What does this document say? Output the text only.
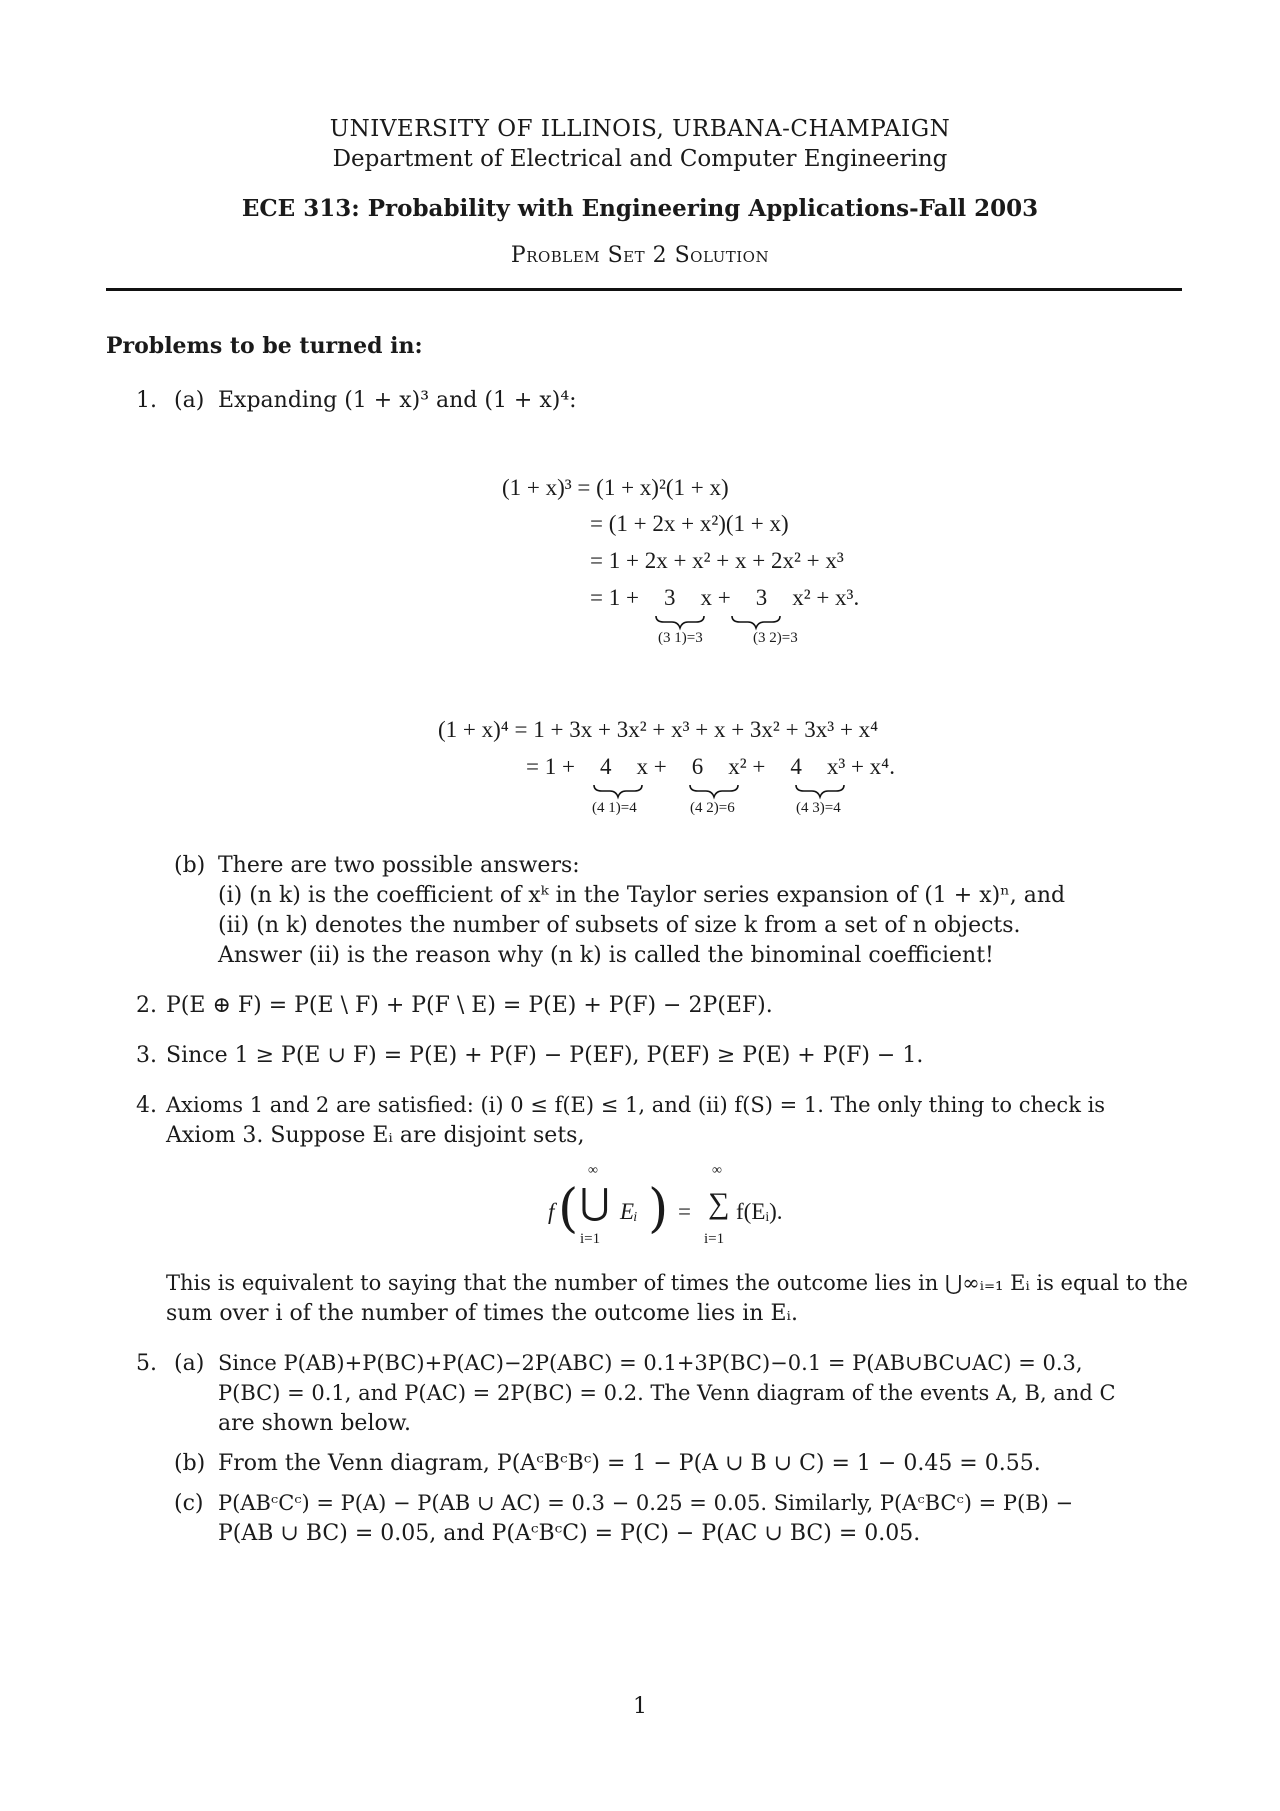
UNIVERSITY OF ILLINOIS, URBANA-CHAMPAIGN
Department of Electrical and Computer Engineering
ECE 313: Probability with Engineering Applications-Fall 2003
Problem Set 2 Solution
Problems to be turned in:
1. (a) Expanding (1 + x)³ and (1 + x)⁴:
(1 + x)³ = (1 + x)²(1 + x)
= (1 + 2x + x²)(1 + x)
= 1 + 2x + x² + x + 2x² + x³
= 1 + 3 x + 3 x² + x³.
(3 1)=3	(3 2)=3
(1 + x)⁴ = 1 + 3x + 3x² + x³ + x + 3x² + 3x³ + x⁴
= 1 + 4 x + 6 x² + 4 x³ + x⁴.
(4 1)=4	(4 2)=6	(4 3)=4
(b) There are two possible answers:
(i) (n k) is the coefficient of xᵏ in the Taylor series expansion of (1 + x)ⁿ, and
(ii) (n k) denotes the number of subsets of size k from a set of n objects.
Answer (ii) is the reason why (n k) is called the binominal coefficient!
2. P(E ⊕ F) = P(E \ F) + P(F \ E) = P(E) + P(F) − 2P(EF).
3. Since 1 ≥ P(E ∪ F) = P(E) + P(F) − P(EF), P(EF) ≥ P(E) + P(F) − 1.
4. Axioms 1 and 2 are satisfied: (i) 0 ≤ f(E) ≤ 1, and (ii) f(S) = 1. The only thing to check is
Axiom 3. Suppose Eᵢ are disjoint sets,
f (
∞
⋃
i=1
Eᵢ ) =
∞
∑
i=1
f(Eᵢ).
This is equivalent to saying that the number of times the outcome lies in ⋃∞ᵢ₌₁ Eᵢ is equal to the
sum over i of the number of times the outcome lies in Eᵢ.
5. (a) Since P(AB)+P(BC)+P(AC)−2P(ABC) = 0.1+3P(BC)−0.1 = P(AB∪BC∪AC) = 0.3,
P(BC) = 0.1, and P(AC) = 2P(BC) = 0.2. The Venn diagram of the events A, B, and C
are shown below.
(b) From the Venn diagram, P(AᶜBᶜBᶜ) = 1 − P(A ∪ B ∪ C) = 1 − 0.45 = 0.55.
(c) P(ABᶜCᶜ) = P(A) − P(AB ∪ AC) = 0.3 − 0.25 = 0.05. Similarly, P(AᶜBCᶜ) = P(B) −
P(AB ∪ BC) = 0.05, and P(AᶜBᶜC) = P(C) − P(AC ∪ BC) = 0.05.
1
